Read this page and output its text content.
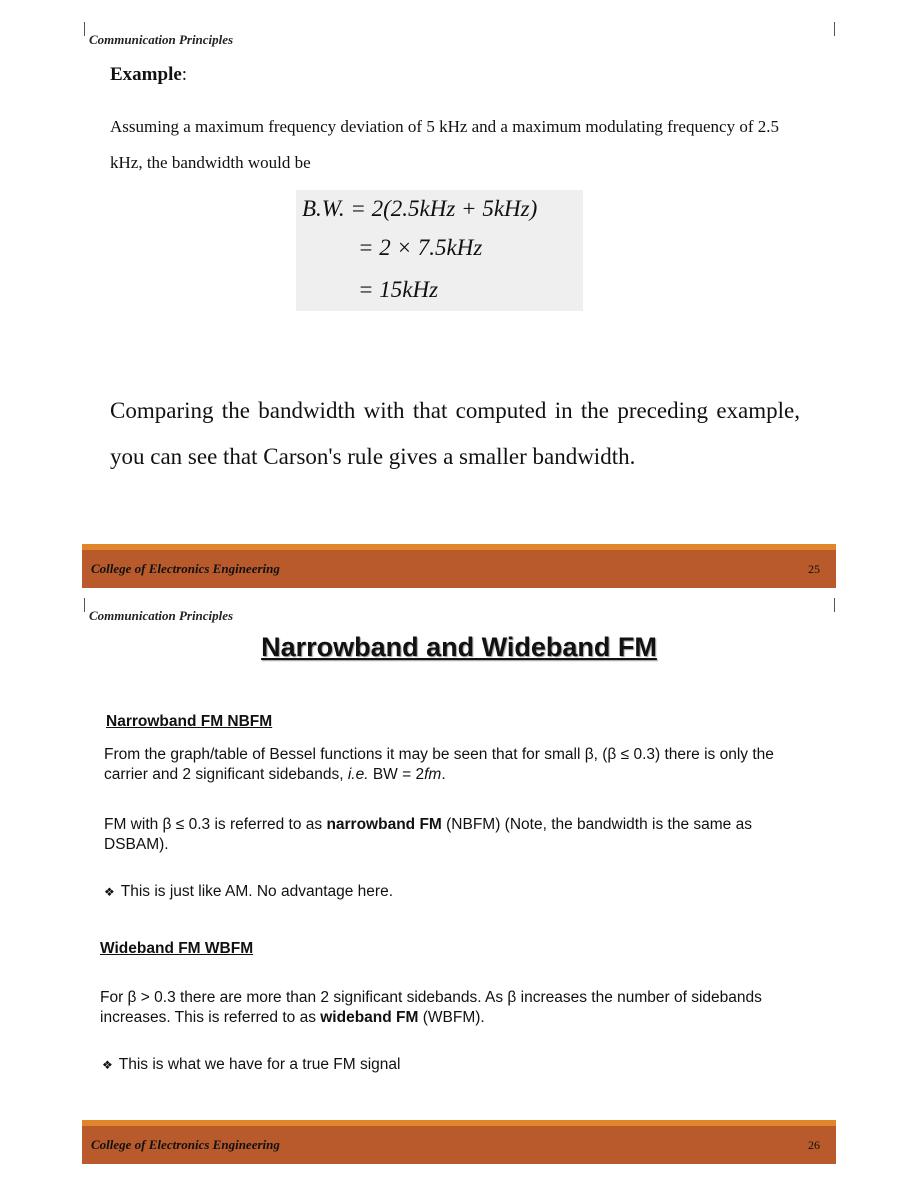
Communication Principles
Example:
Assuming a maximum frequency deviation of 5 kHz and a maximum modulating frequency of 2.5 kHz, the bandwidth would be
B.W. = 2(2.5kHz + 5kHz)
= 2 × 7.5kHz
= 15kHz
Comparing the bandwidth with that computed in the preceding example, you can see that Carson's rule gives a smaller bandwidth.
College of Electronics Engineering	25
Communication Principles
Narrowband and Wideband FM
Narrowband FM NBFM
From the graph/table of Bessel functions it may be seen that for small β, (β ≤ 0.3) there is only the carrier and 2 significant sidebands, i.e. BW = 2fm.
FM with β ≤ 0.3 is referred to as narrowband FM (NBFM) (Note, the bandwidth is the same as DSBAM).
❖ This is just like AM. No advantage here.
Wideband FM WBFM
For β > 0.3 there are more than 2 significant sidebands. As β increases the number of sidebands increases. This is referred to as wideband FM (WBFM).
❖ This is what we have for a true FM signal
College of Electronics Engineering	26
